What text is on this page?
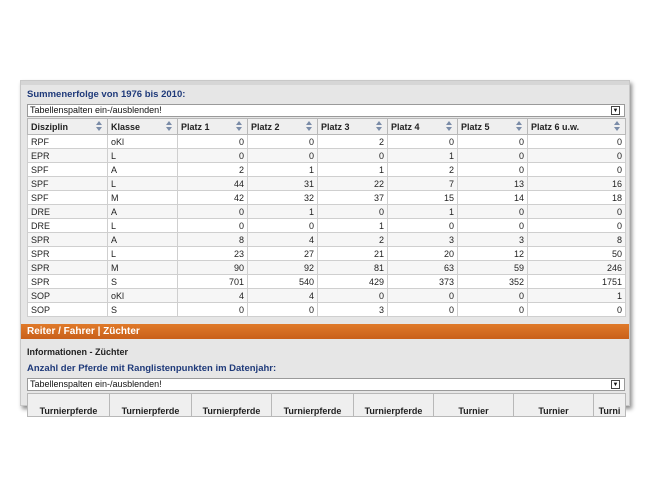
Summenerfolge von 1976 bis 2010:
Tabellenspalten ein-/ausblenden!	▼
Disziplin	Klasse	Platz 1	Platz 2	Platz 3	Platz 4	Platz 5	Platz 6 u.w.

RPF	oKl	0	0	2	0	0	0
EPR	L	0	0	0	1	0	0
SPF	A	2	1	1	2	0	0
SPF	L	44	31	22	7	13	16
SPF	M	42	32	37	15	14	18
DRE	A	0	1	0	1	0	0
DRE	L	0	0	1	0	0	0
SPR	A	8	4	2	3	3	8
SPR	L	23	27	21	20	12	50
SPR	M	90	92	81	63	59	246
SPR	S	701	540	429	373	352	1751
SOP	oKl	4	4	0	0	0	1
SOP	S	0	0	3	0	0	0
Reiter / Fahrer | Züchter
Informationen - Züchter
Anzahl der Pferde mit Ranglistenpunkten im Datenjahr:
Tabellenspalten ein-/ausblenden!	▼
Turnierpferde	Turnierpferde	Turnierpferde	Turnierpferde	Turnierpferde	Turnier	Turnier	Turni
